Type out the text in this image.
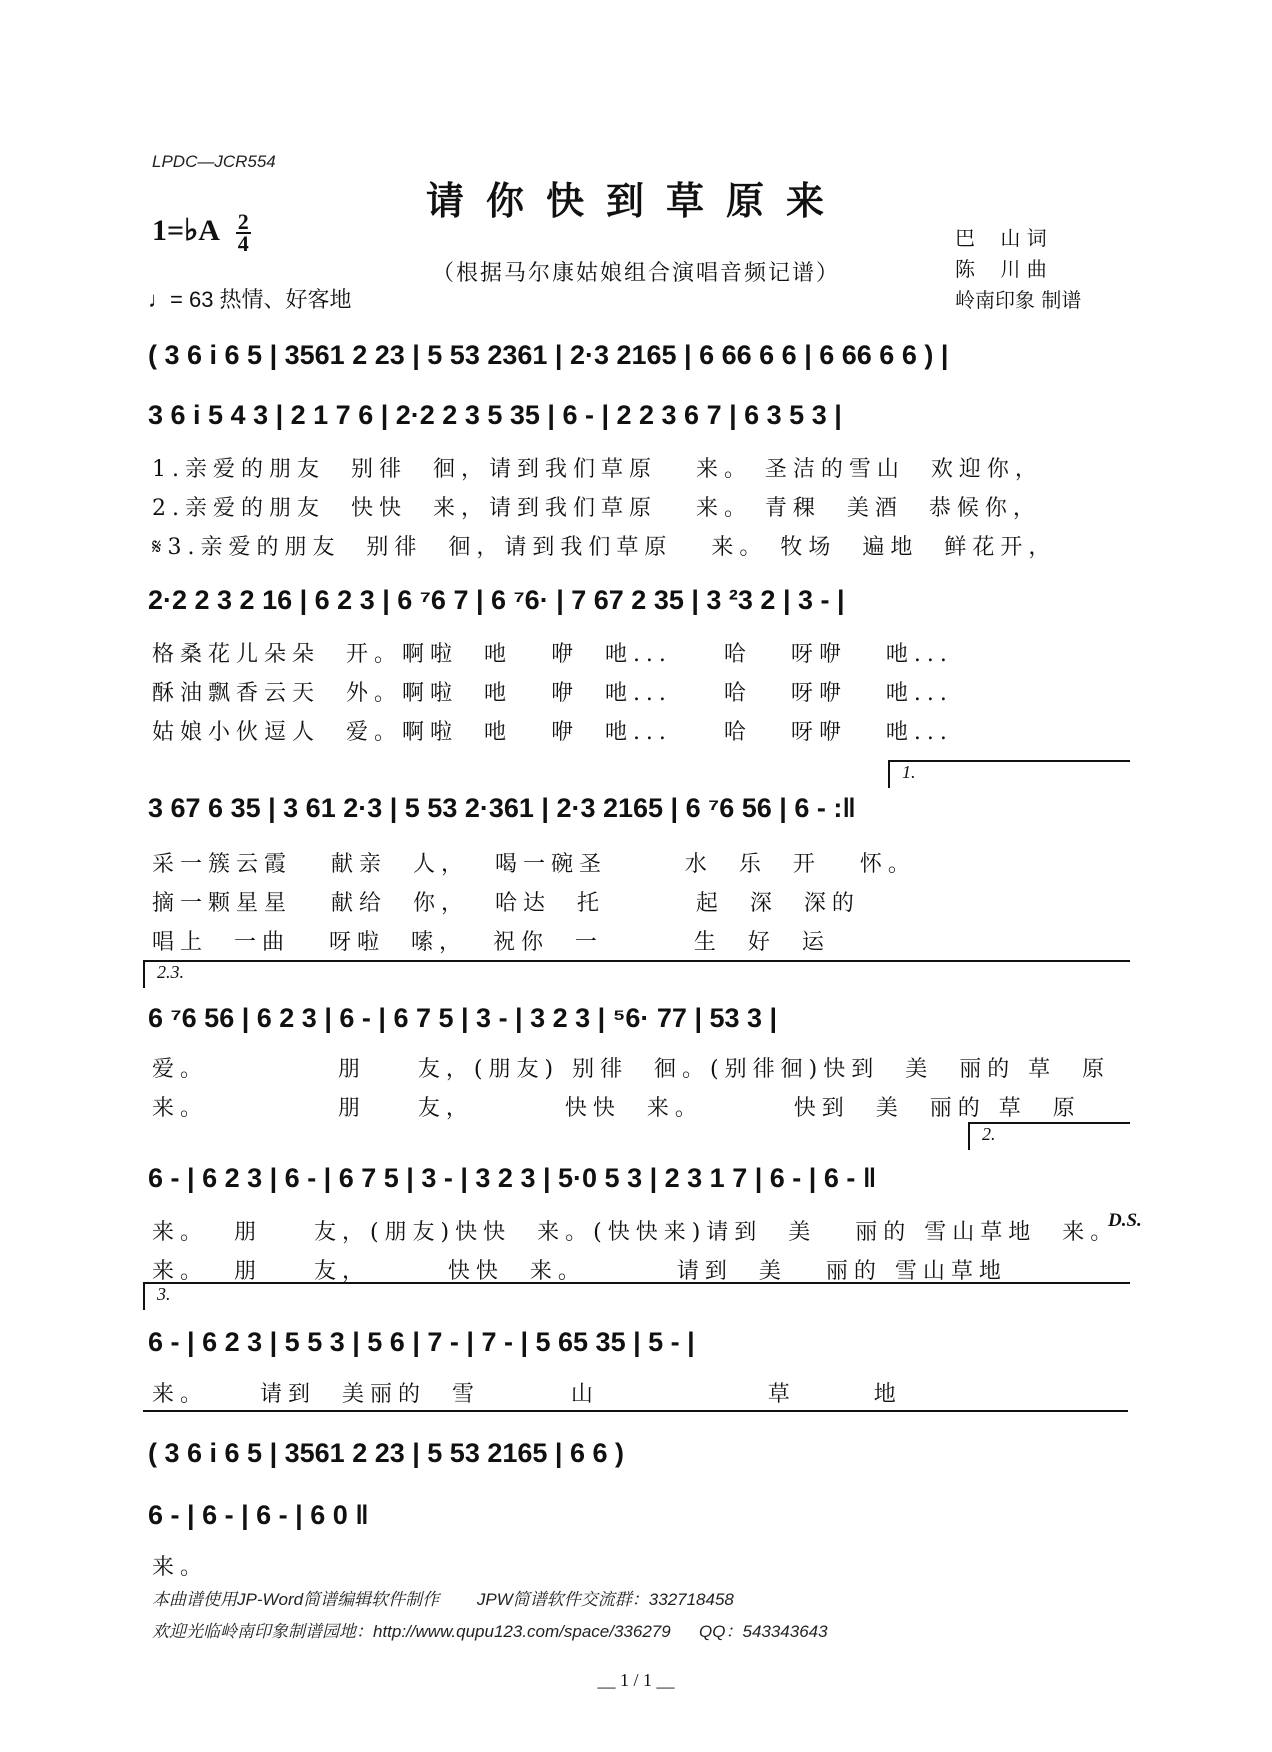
LPDC—JCR554
请你快到草原来
1=♭A $\frac{2}{4}$
（根据马尔康姑娘组合演唱音频记谱）
♩= 63 热情、好客地
巴    山 词
陈    川 曲
岭南印象 制谱
( 3 6 i 6 5 | 3561 2 23 | 5 53 2361 | 2·3 2165 | 6 66 6 6 | 6 66 6 6 ) |
3 6 i 5 4 3 | 2 1 7 6 | 2·2 2 3 5 35 | 6 - | 2 2 3 6 7 | 6 3 5 3 |
1.亲爱的朋友  别徘  徊，请到我们草原   来。 圣洁的雪山  欢迎你，
2.亲爱的朋友  快快  来，请到我们草原   来。 青稞  美酒  恭候你，
𝄋3.亲爱的朋友  别徘  徊，请到我们草原   来。 牧场  遍地  鲜花开，
2·2 2 3 2 16 | 6 2 3 | 6 ⁷6 7 | 6 ⁷6· | 7 67 2 35 | 3 ²3 2 | 3 - |
格桑花儿朵朵  开。啊啦  吔   咿  吔...    哈   呀咿   吔...
酥油飘香云天  外。啊啦  吔   咿  吔...    哈   呀咿   吔...
姑娘小伙逗人  爱。啊啦  吔   咿  吔...    哈   呀咿   吔...
1.
3 67 6 35 | 3 61 2·3 | 5 53 2·361 | 2·3 2165 | 6 ⁷6 56 | 6 - :‖
采一簇云霞   献亲  人，  喝一碗圣      水  乐  开   怀。
摘一颗星星   献给  你，  哈达  托       起  深  深的
唱上  一曲   呀啦  嗦，  祝你  一       生  好  运
2.3.
6 ⁷6 56 | 6 2 3 | 6 - | 6 7 5 | 3 - | 3 2 3 | ⁵6· 77 | 53 3 |
爱。          朋    友，(朋友) 别徘  徊。(别徘徊)快到  美  丽的 草  原
来。          朋    友，       快快  来。       快到  美  丽的 草  原
2.
6 - | 6 2 3 | 6 - | 6 7 5 | 3 - | 3 2 3 | 5·0 5 3 | 2 3 1 7 | 6 - | 6 - ‖
D.S.
来。  朋    友，(朋友)快快  来。(快快来)请到  美   丽的 雪山草地  来。
来。  朋    友，      快快  来。       请到  美   丽的 雪山草地
3.
6 - | 6 2 3 | 5 5 3 | 5 6 | 7 - | 7 - | 5 65 35 | 5 - |
来。    请到  美丽的  雪       山             草      地
( 3 6 i 6 5 | 3561 2 23 | 5 53 2165 | 6 6 )
6 - | 6 - | 6 - | 6 0 ‖
来。
本曲谱使用JP-Word简谱编辑软件制作        JPW简谱软件交流群：332718458
欢迎光临岭南印象制谱园地：http://www.qupu123.com/space/336279      QQ：543343643
__ 1 / 1 __
